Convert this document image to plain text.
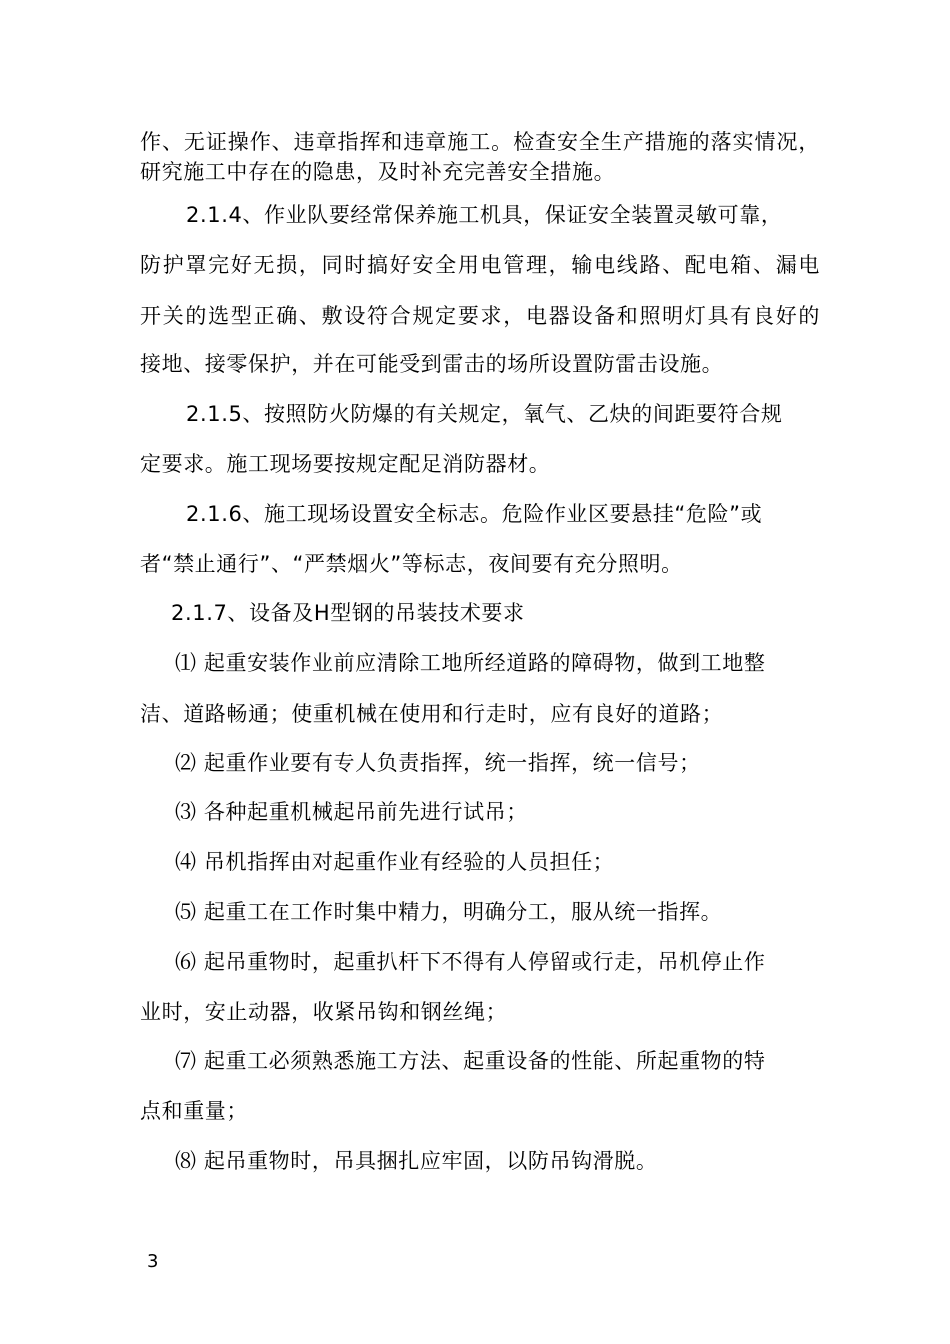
作、无证操作、违章指挥和违章施工。检查安全生产措施的落实情况，
研究施工中存在的隐患，及时补充完善安全措施。
2.1.4、作业队要经常保养施工机具，保证安全装置灵敏可靠，
防护罩完好无损，同时搞好安全用电管理，输电线路、配电箱、漏电
开关的选型正确、敷设符合规定要求，电器设备和照明灯具有良好的
接地、接零保护，并在可能受到雷击的场所设置防雷击设施。
2.1.5、按照防火防爆的有关规定，氧气、乙炔的间距要符合规
定要求。施工现场要按规定配足消防器材。
2.1.6、施工现场设置安全标志。危险作业区要悬挂“危险”或
者“禁止通行”、“严禁烟火”等标志，夜间要有充分照明。
2.1.7、设备及H型钢的吊装技术要求
⑴ 起重安装作业前应清除工地所经道路的障碍物，做到工地整
洁、道路畅通；使重机械在使用和行走时，应有良好的道路；
⑵ 起重作业要有专人负责指挥，统一指挥，统一信号；
⑶ 各种起重机械起吊前先进行试吊；
⑷ 吊机指挥由对起重作业有经验的人员担任；
⑸ 起重工在工作时集中精力，明确分工，服从统一指挥。
⑹ 起吊重物时，起重扒杆下不得有人停留或行走，吊机停止作
业时，安止动器，收紧吊钩和钢丝绳；
⑺ 起重工必须熟悉施工方法、起重设备的性能、所起重物的特
点和重量；
⑻ 起吊重物时，吊具捆扎应牢固，以防吊钩滑脱。
3
